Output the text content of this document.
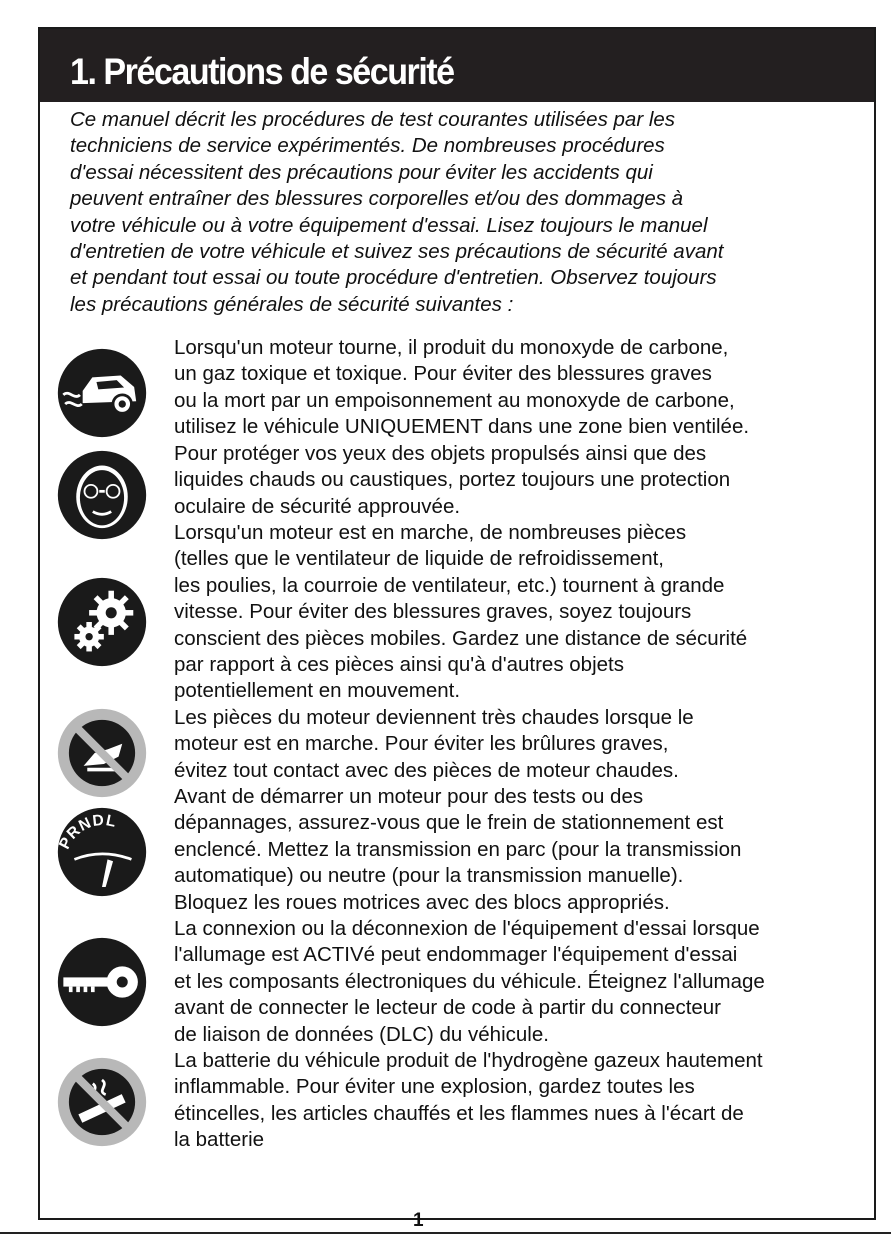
1. Précautions de sécurité
Ce manuel décrit les procédures de test courantes utilisées par les
techniciens de service expérimentés. De nombreuses procédures
d'essai nécessitent des précautions pour éviter les accidents qui
peuvent entraîner des blessures corporelles et/ou des dommages à
votre véhicule ou à votre équipement d'essai. Lisez toujours le manuel
d'entretien de votre véhicule et suivez ses précautions de sécurité avant
et pendant tout essai ou toute procédure d'entretien. Observez toujours
les précautions générales de sécurité suivantes :
Lorsqu'un moteur tourne, il produit du monoxyde de carbone,
un gaz toxique et toxique. Pour éviter des blessures graves
ou la mort par un empoisonnement au monoxyde de carbone,
utilisez le véhicule UNIQUEMENT dans une zone bien ventilée.
Pour protéger vos yeux des objets propulsés ainsi que des
liquides chauds ou caustiques, portez toujours une protection
oculaire de sécurité approuvée.
Lorsqu'un moteur est en marche, de nombreuses pièces
(telles que le ventilateur de liquide de refroidissement,
les poulies, la courroie de ventilateur, etc.) tournent à grande
vitesse. Pour éviter des blessures graves, soyez toujours
conscient des pièces mobiles. Gardez une distance de sécurité
par rapport à ces pièces ainsi qu'à d'autres objets
potentiellement en mouvement.
Les pièces du moteur deviennent très chaudes lorsque le
moteur est en marche. Pour éviter les brûlures graves,
évitez tout contact avec des pièces de moteur chaudes.
PRNDL
Avant de démarrer un moteur pour des tests ou des
dépannages, assurez-vous que le frein de stationnement est
enclencé. Mettez la transmission en parc (pour la transmission
automatique) ou neutre (pour la transmission manuelle).
Bloquez les roues motrices avec des blocs appropriés.
La connexion ou la déconnexion de l'équipement d'essai lorsque
l'allumage est ACTIVé peut endommager l'équipement d'essai
et les composants électroniques du véhicule. Éteignez l'allumage
avant de connecter le lecteur de code à partir du connecteur
de liaison de données (DLC) du véhicule.
La batterie du véhicule produit de l'hydrogène gazeux hautement
inflammable. Pour éviter une explosion, gardez toutes les
étincelles, les articles chauffés et les flammes nues à l'écart de
la batterie
1
